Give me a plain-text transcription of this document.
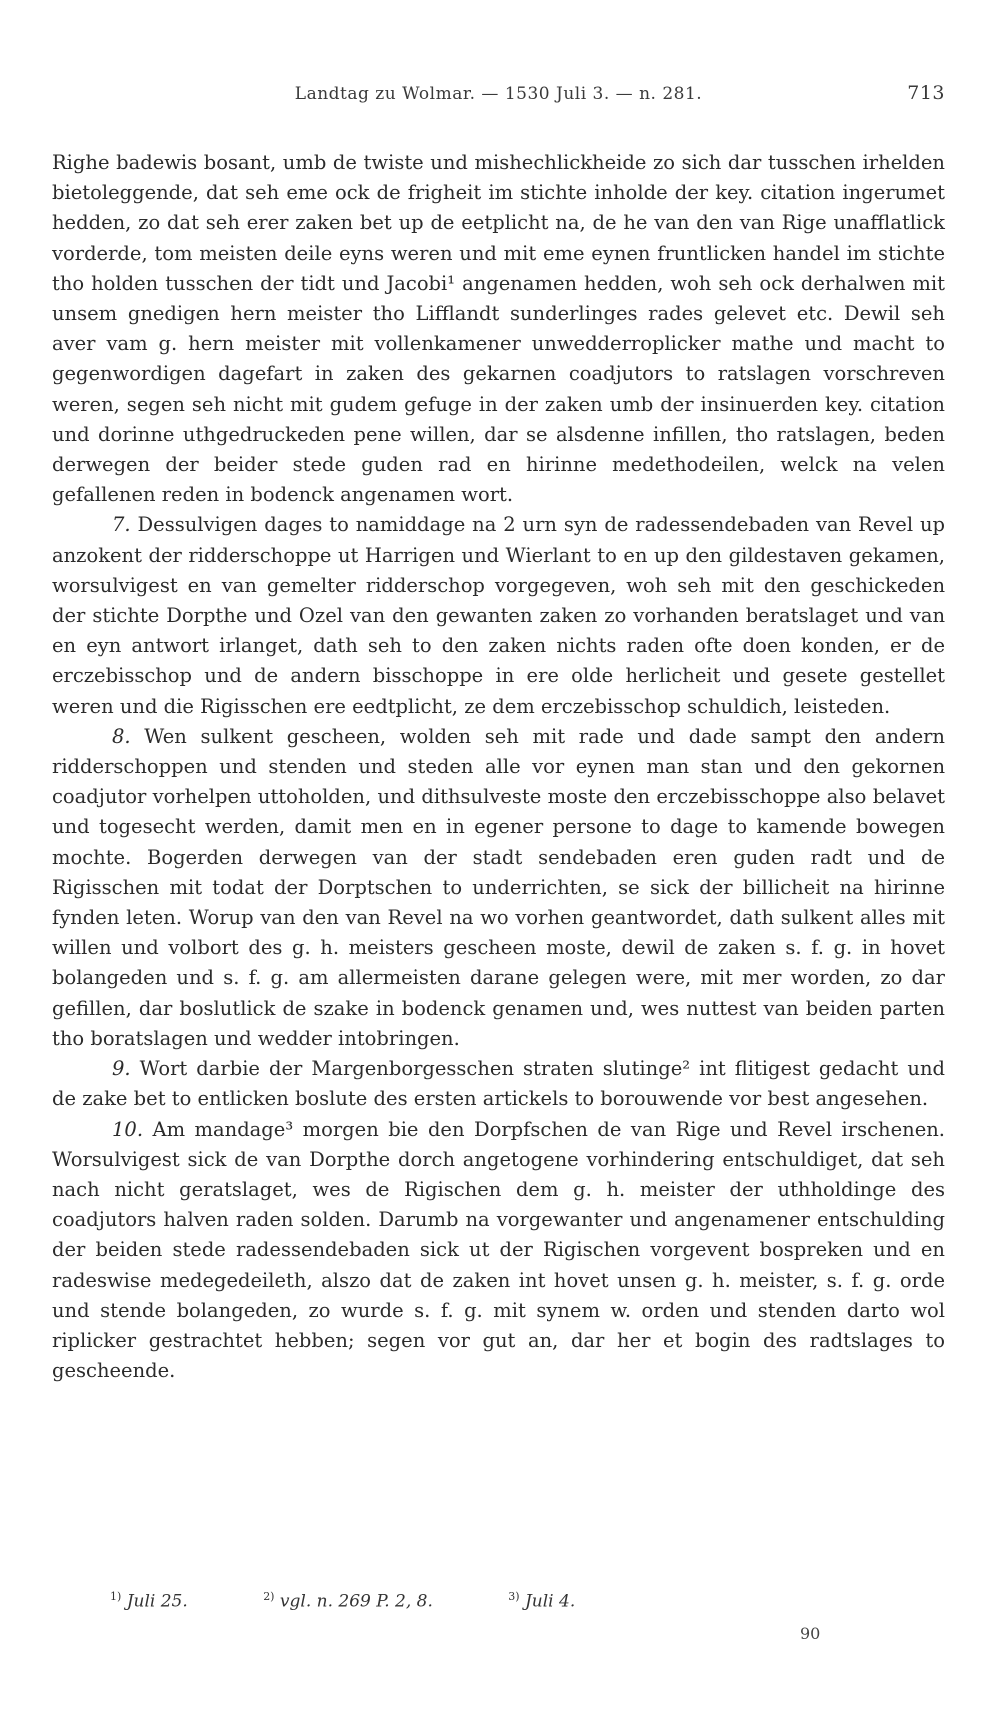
Landtag zu Wolmar. — 1530 Juli 3. — n. 281.	713

Righe badewis bosant, umb de twiste und mishechlickheide zo sich dar tusschen irhelden bietoleggende, dat seh eme ock de frigheit im stichte inholde der key. citation ingerumet hedden, zo dat seh erer zaken bet up de eetplicht na, de he van den van Rige unafflatlick vorderde, tom meisten deile eyns weren und mit eme eynen fruntlicken handel im stichte tho holden tusschen der tidt und Jacobi¹ angenamen hedden, woh seh ock derhalwen mit unsem gnedigen hern meister tho Lifflandt sunderlinges rades gelevet etc. Dewil seh aver vam g. hern meister mit vollenkamener unwedderroplicker mathe und macht to gegenwordigen dagefart in zaken des gekarnen coadjutors to ratslagen vorschreven weren, segen seh nicht mit gudem gefuge in der zaken umb der insinuerden key. citation und dorinne uthgedruckeden pene willen, dar se alsdenne infillen, tho ratslagen, beden derwegen der beider stede guden rad en hirinne medethodeilen, welck na velen gefallenen reden in bodenck angenamen wort.

7. Dessulvigen dages to namiddage na 2 urn syn de radessendebaden van Revel up anzokent der ridderschoppe ut Harrigen und Wierlant to en up den gildestaven gekamen, worsulvigest en van gemelter ridderschop vorgegeven, woh seh mit den geschickeden der stichte Dorpthe und Ozel van den gewanten zaken zo vorhanden beratslaget und van en eyn antwort irlanget, dath seh to den zaken nichts raden ofte doen konden, er de erczebisschop und de andern bisschoppe in ere olde herlicheit und gesete gestellet weren und die Rigisschen ere eedtplicht, ze dem erczebisschop schuldich, leisteden.

8. Wen sulkent gescheen, wolden seh mit rade und dade sampt den andern ridderschoppen und stenden und steden alle vor eynen man stan und den gekornen coadjutor vorhelpen uttoholden, und dithsulveste moste den erczebisschoppe also belavet und togesecht werden, damit men en in egener persone to dage to kamende bowegen mochte. Bogerden derwegen van der stadt sendebaden eren guden radt und de Rigisschen mit todat der Dorptschen to underrichten, se sick der billicheit na hirinne fynden leten. Worup van den van Revel na wo vorhen geantwordet, dath sulkent alles mit willen und volbort des g. h. meisters gescheen moste, dewil de zaken s. f. g. in hovet bolangeden und s. f. g. am allermeisten darane gelegen were, mit mer worden, zo dar gefillen, dar boslutlick de szake in bodenck genamen und, wes nuttest van beiden parten tho boratslagen und wedder intobringen.

9. Wort darbie der Margenborgesschen straten slutinge² int flitigest gedacht und de zake bet to entlicken boslute des ersten artickels to borouwende vor best angesehen.

10. Am mandage³ morgen bie den Dorpfschen de van Rige und Revel irschenen. Worsulvigest sick de van Dorpthe dorch angetogene vorhindering entschuldiget, dat seh nach nicht geratslaget, wes de Rigischen dem g. h. meister der uthholdinge des coadjutors halven raden solden. Darumb na vorgewanter und angenamener entschulding der beiden stede radessendebaden sick ut der Rigischen vorgevent bospreken und en radeswise medegedeileth, alszo dat de zaken int hovet unsen g. h. meister, s. f. g. orde und stende bolangeden, zo wurde s. f. g. mit synem w. orden und stenden darto wol riplicker gestrachtet hebben; segen vor gut an, dar her et bogin des radtslages to gescheende.

$^{1)}$ Juli 25.	$^{2)}$ vgl. n. 269 P. 2, 8.	$^{3)}$ Juli 4.
90
